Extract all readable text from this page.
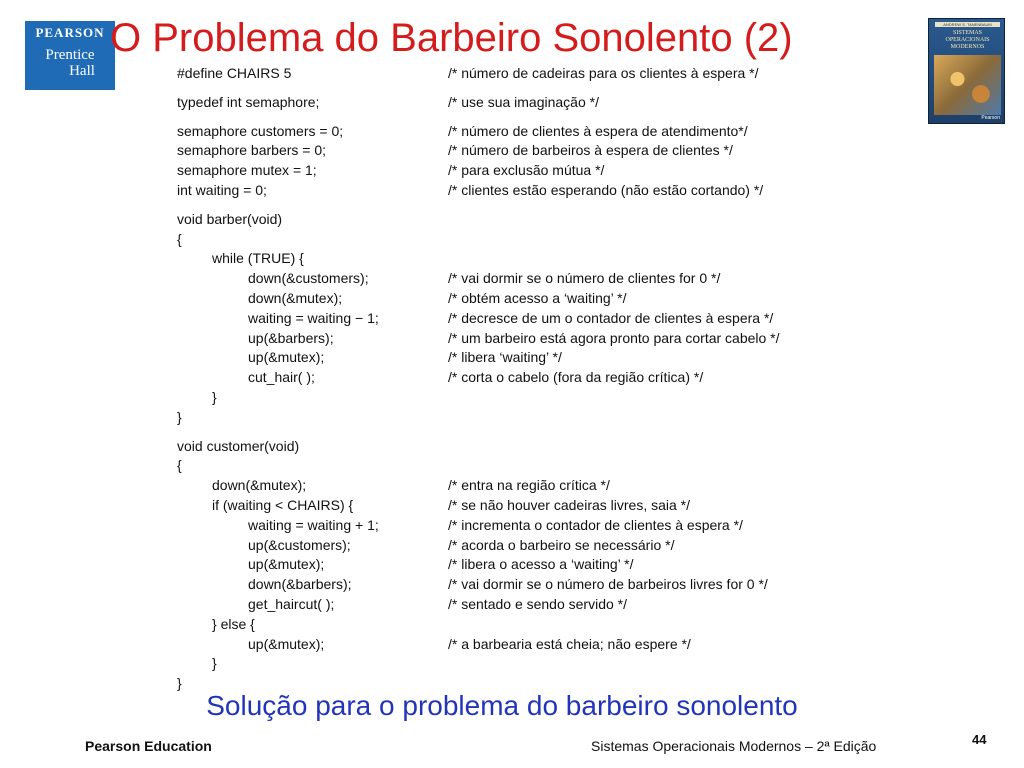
PEARSON
Prentice
Hall
O Problema do Barbeiro Sonolento (2)	ANDREW S. TANENBAUM
SISTEMAS
OPERACIONAIS
MODERNOS
Pearson
#define CHAIRS 5	/* número de cadeiras para os clientes à espera */
typedef int semaphore;	/* use sua imaginação */
semaphore customers = 0;	/* número de clientes à espera de atendimento*/
semaphore barbers = 0;	/* número de barbeiros à espera de clientes */
semaphore mutex = 1;	/* para exclusão mútua */
int waiting = 0;	/* clientes estão esperando (não estão cortando) */
void barber(void)
{
while (TRUE) {
down(&customers);	/* vai dormir se o número de clientes for 0 */
down(&mutex);	/* obtém acesso a ‘waiting’ */
waiting = waiting − 1;	/* decresce de um o contador de clientes à espera */
up(&barbers);	/* um barbeiro está agora pronto para cortar cabelo */
up(&mutex);	/* libera ‘waiting’ */
cut_hair( );	/* corta o cabelo (fora da região crítica) */
}
}
void customer(void)
{
down(&mutex);	/* entra na região crítica */
if (waiting < CHAIRS) {	/* se não houver cadeiras livres, saia */
waiting = waiting + 1;	/* incrementa o contador de clientes à espera */
up(&customers);	/* acorda o barbeiro se necessário */
up(&mutex);	/* libera o acesso a ‘waiting’ */
down(&barbers);	/* vai dormir se o número de barbeiros livres for 0 */
get_haircut( );	/* sentado e sendo servido */
} else {
up(&mutex);	/* a barbearia está cheia; não espere */
}
}
Solução para o problema do barbeiro sonolento
Pearson Education	Sistemas Operacionais Modernos – 2ª Edição	44
